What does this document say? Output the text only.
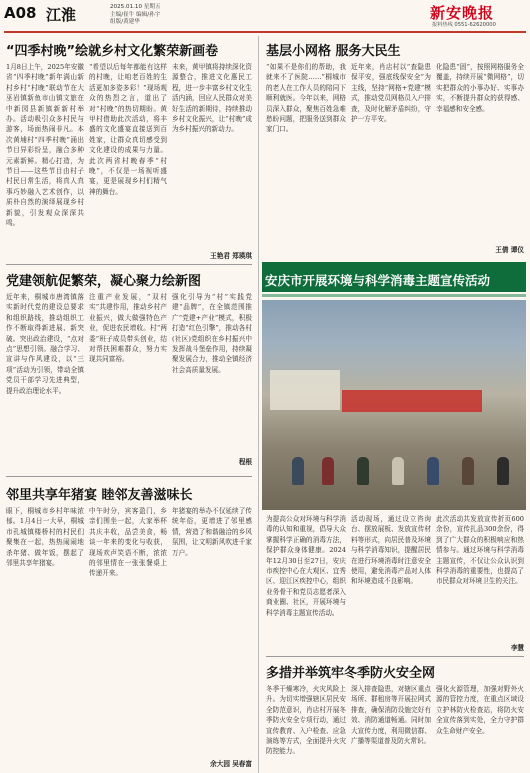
A08 江淮	2025.01.10 星期五
主编/崔牛 编辑/孙宇
组版/黄建华
新安晚报
报料热线 0551-62620000
“四季村晚”绘就乡村文化繁荣新画卷
1月8日上午，2025年安徽省“四季村晚”新年满山新村乡村“村晚”联动节在大巫岩镇新鱼市山镇文旅在中新园县新镇新新村举办。活动吸引众多村民与游客，场面热闹非凡。本次黄埔村“四季村晚”涌出节目异彩纷呈，融合多种元素新鲜。精心打造，为节目——这些节目由村子村民日常生活，将真人真事巧妙融入艺术创作，以质朴自然的演绎展现乡村新貌，引发观众深深共鸣。
“希望以后每年都能有这样的村晚，让咱老百姓的生活更加多姿多彩！”现场观众的热烈之言，道出了对“村晚”的热切期盼。黄甲村借助此次活动，将丰盛的文化盛宴直接送到百姓家，让群众真切感受到文化建设的成果与力量。此次两省村晚春季“村晚”，不仅是一场视听盛宴，更是展现乡村们精气神的舞台。
未来，黄甲镇将持续深化资源整合，推进文化惠民工程，进一步丰富乡村文化生活内涵，回应人民群众对美好生活的新期待，持续推动乡村文化振兴，让“村晚”成为乡村振兴的新动力。
王艳君 郑瑛琪
党建领航促繁荣，凝心聚力绘新图
近年来，桐城市唐湾镇落实新时代党的建设总要求和组织路线，推动组织工作不断取得新进展、新突破。突出政治建设，“点对点”思想引领。融合学习、宣讲与作风建设，以“三项”活动为引领，带动全镇党员干部学习先进典型，提升政治理论水平。
注重产业发展，“双村实”共建作用，推动乡村产业振兴，做大做强特色产业，促进农民增收。村“两委”班子成员带头创业，结对帮扶困难群众，努力实现共同富裕。
强化引导为“村”实践党建“品牌”，在全镇范围推广“党建+产业”模式，积极打造“红色引擎”，推动各村(社区)党组织在乡村振兴中发挥战斗堡垒作用，持续凝聚发展合力，推动全镇经济社会高质量发展。
程根
邻里共享年猪宴 睦邻友善滋味长
眼下，桐城市乡村年味浓郁。1月4日一大早，桐城市孔城镇楼桥村的村民们聚集在一起，热热闹闹地杀年猪、做年饭，摆起了邻里共享年猪宴。
中午时分，宾客盈门，乡亲们围坐一起，大家举杯共庆丰收，品尝美食，畅谈一年来的变化与收获，现场欢声笑语不断，浓浓的邻里情在一张张餐桌上传递开来。
年猪宴的举办不仅延续了传统年俗，更增进了邻里感情，营造了和谐融洽的乡风氛围，让文明新风吹进千家万户。
余大园 吴春富
基层小网格 服务大民生
“如果不是你们的帮助，我就来不了医院……”桐城市的老人在工作人员的陪同下顺利就医。今年以来，网格员深入群众，聚焦百姓急难愁盼问题，把服务送到群众家门口。
近年来，肖店村以“查隐患保平安，强底线保安全”为主线，坚持“网格+党建”模式，推动党员网格员入户排查，及时化解矛盾纠纷，守护一方平安。
化隐患“固”，按照网格服务全覆盖，持续开展“微网格”，切实把群众的小事办好、实事办实，不断提升群众的获得感、幸福感和安全感。
王倩 谭仪
安庆市开展环境与科学消毒主题宣传活动
为提高公众对环境与科学消毒的认知和重视，倡导大众掌握科学正确的消毒方法，保护群众身体健康。2024年12月30日至27日，安庆市疾控中心在大观区、宜秀区、迎江区疾控中心，组织业务骨干和党员志愿者深入商业圈、社区，开展环境与科学消毒主题宣传活动。
活动现场，通过设立咨询台、摆放展板、发放宣传材料等形式，向居民普及环境与科学消毒知识，提醒居民在进行环境消毒时注意安全使用，避免消毒产品对人体和环境造成不良影响。
此次活动共发放宣传折页600余份，宣传扎品300余份，得到了广大群众的积极响应和热情参与。通过环境与科学消毒主题宣传，不仅让公众认识到科学消毒的重要性，也提高了市民群众对环境卫生的关注。
李慧
多措并举筑牢冬季防火安全网
冬季干燥寒冷，火灾风险上升。为切实增强辖区居民安全防范意识，肖店村开展冬季防火安全专项行动，通过宣传教育、入户检查、应急演练等方式，全面提升火灾防控能力。
深入排查隐患，对辖区重点场所、群租房等开展拉网式排查，确保消防设施完好有效、消防通道畅通。同时加大宣传力度，利用微信群、广播等渠道普及防火常识。
强化火源管理，加强对野外火源的管控力度，在重点区域设立护林防火检查站，将防火安全宣传落到实处，全力守护群众生命财产安全。
